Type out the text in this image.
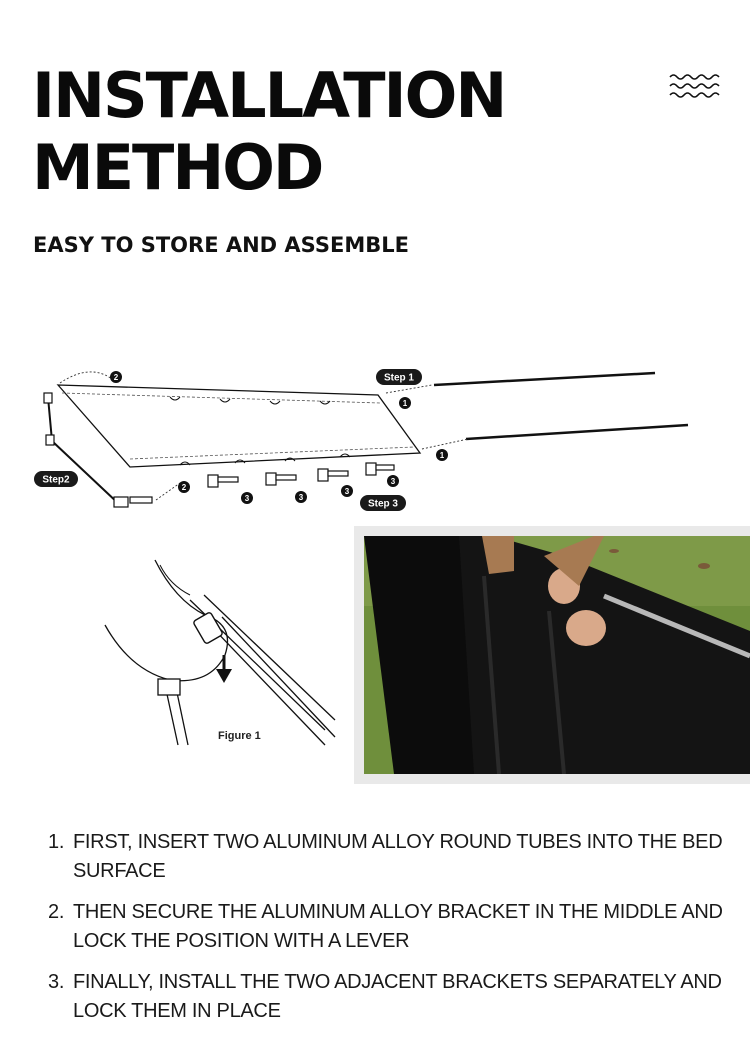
INSTALLATION
METHOD
EASY TO STORE AND ASSEMBLE
Step 1
Step2
Step 3
1
1
2
2
3	3
3
3
Figure 1
1. FIRST, INSERT TWO ALUMINUM ALLOY ROUND TUBES INTO THE BED SURFACE
2. THEN SECURE THE ALUMINUM ALLOY BRACKET IN THE MIDDLE AND LOCK THE POSITION WITH A LEVER
3. FINALLY, INSTALL THE TWO ADJACENT BRACKETS SEPARATELY AND LOCK THEM IN PLACE
